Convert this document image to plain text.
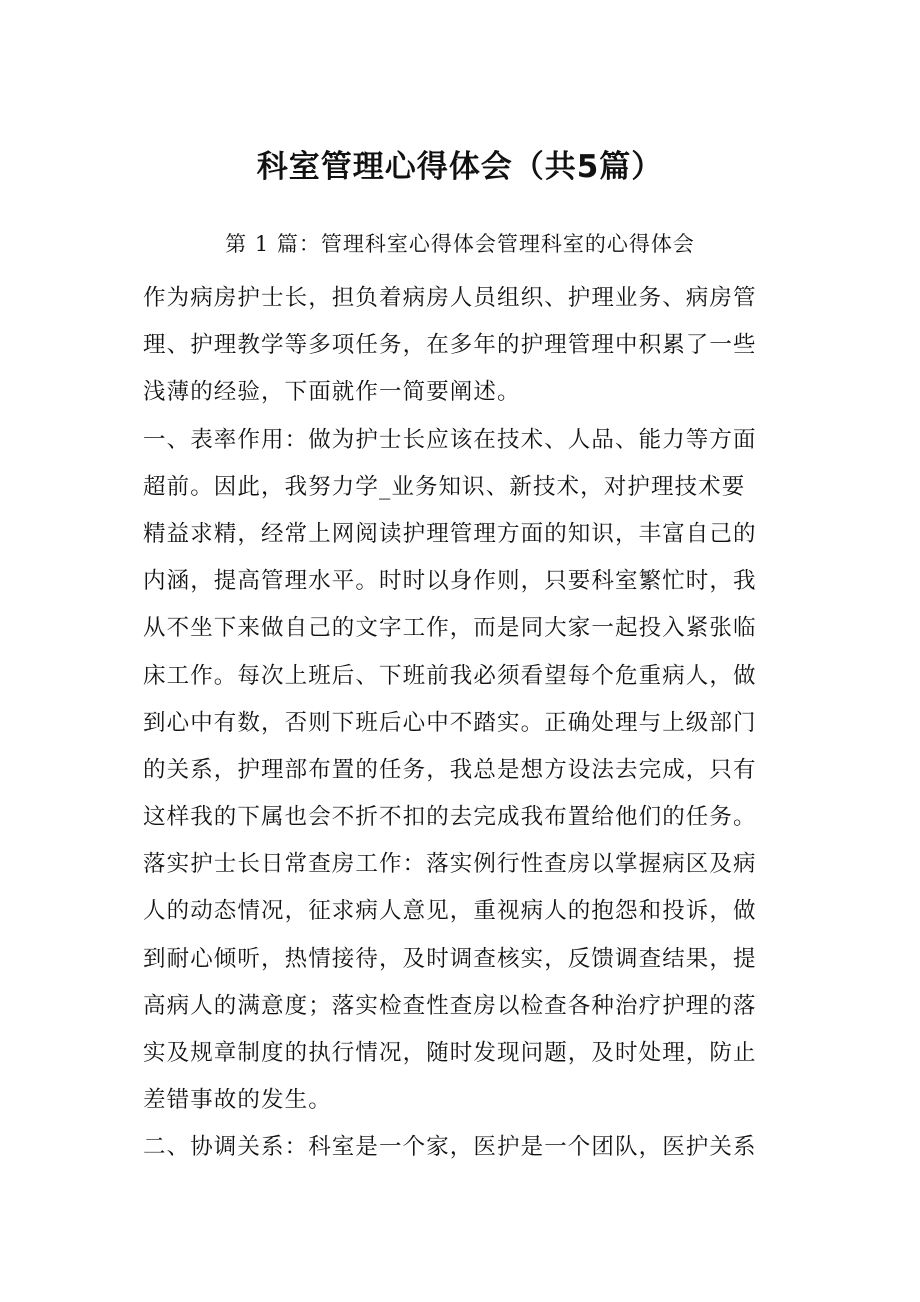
科室管理心得体会（共5篇）

第 1 篇：管理科室心得体会管理科室的心得体会

作为病房护士长，担负着病房人员组织、护理业务、病房管
理、护理教学等多项任务，在多年的护理管理中积累了一些
浅薄的经验，下面就作一简要阐述。
一、表率作用：做为护士长应该在技术、人品、能力等方面
超前。因此，我努力学_业务知识、新技术，对护理技术要
精益求精，经常上网阅读护理管理方面的知识，丰富自己的
内涵，提高管理水平。时时以身作则，只要科室繁忙时，我
从不坐下来做自己的文字工作，而是同大家一起投入紧张临
床工作。每次上班后、下班前我必须看望每个危重病人，做
到心中有数，否则下班后心中不踏实。正确处理与上级部门
的关系，护理部布置的任务，我总是想方设法去完成，只有
这样我的下属也会不折不扣的去完成我布置给他们的任务。
落实护士长日常查房工作：落实例行性查房以掌握病区及病
人的动态情况，征求病人意见，重视病人的抱怨和投诉，做
到耐心倾听，热情接待，及时调查核实，反馈调查结果，提
高病人的满意度；落实检查性查房以检查各种治疗护理的落
实及规章制度的执行情况，随时发现问题，及时处理，防止
差错事故的发生。
二、协调关系：科室是一个家，医护是一个团队，医护关系
